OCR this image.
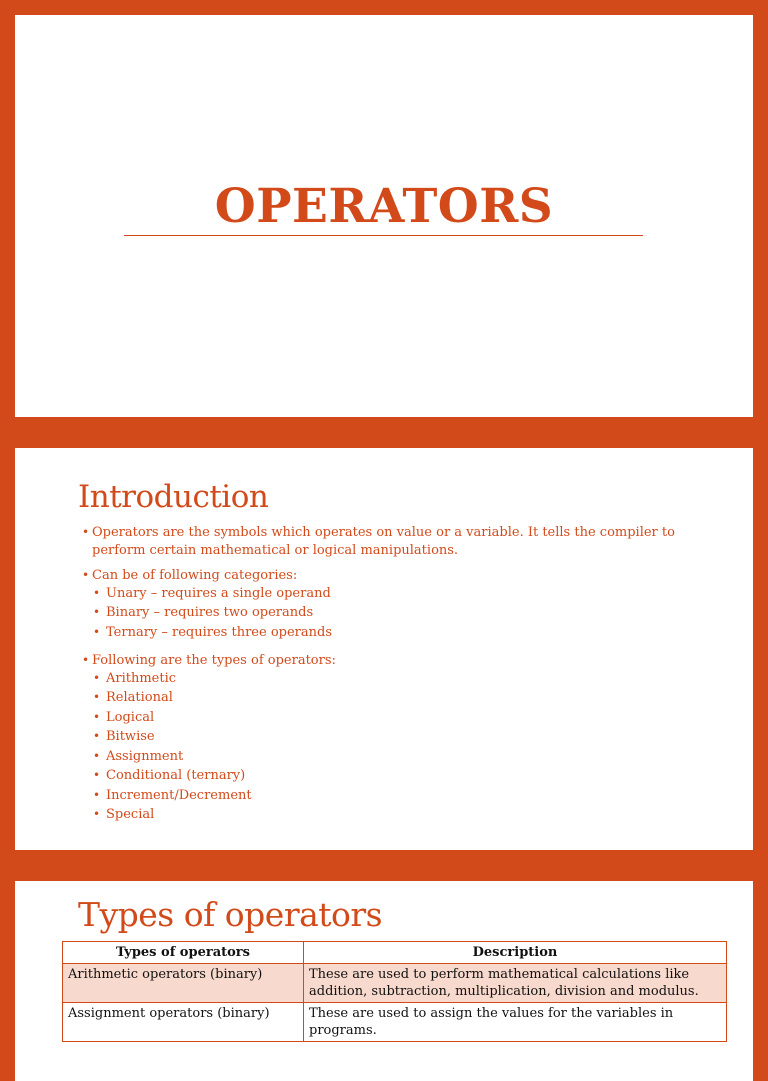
OPERATORS
Introduction
• Operators are the symbols which operates on value or a variable. It tells the compiler to perform certain mathematical or logical manipulations.
• Can be of following categories:
• Unary – requires a single operand
• Binary – requires two operands
• Ternary – requires three operands
• Following are the types of operators:
• Arithmetic
• Relational
• Logical
• Bitwise
• Assignment
• Conditional (ternary)
• Increment/Decrement
• Special
Types of operators
Types of operators	Description
Arithmetic operators (binary)	These are used to perform mathematical calculations like addition, subtraction, multiplication, division and modulus.
Assignment operators (binary)	These are used to assign the values for the variables in programs.
